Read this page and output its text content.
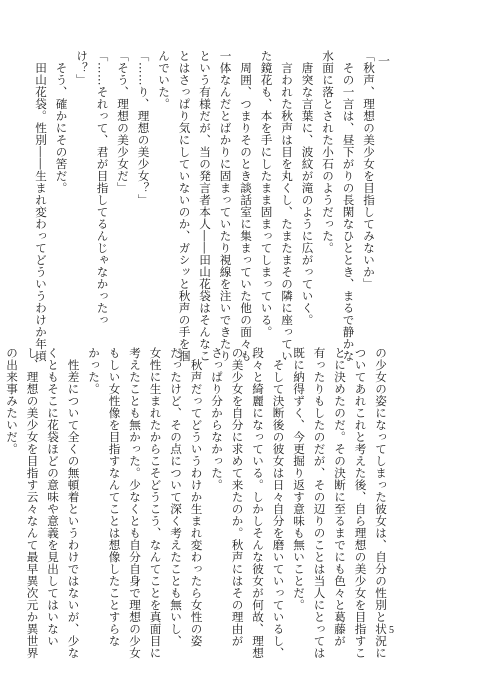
一
「秋声、理想の美少女を目指してみないか」
　その一言は、昼下がりの長閑なひととき、まるで静かな
水面に落とされた小石のようだった。
　唐突な言葉に、波紋が滝のように広がっていく。
　言われた秋声は目を丸くし、たまたまその隣に座ってい
た鏡花も、本を手にしたまま固まってしまっている。
　周囲、つまりそのとき談話室に集まっていた他の面々も
一体なんだとばかりに固まっていたり視線を注いできたり
という有様だが、当の発言者本人――田山花袋はそんなこ
とはさっぱり気にしていないのか、ガシッと秋声の手を掴
んでいた。
「……り、理想の美少女？」
「そう、理想の美少女だ」
「……それって、君が目指してるんじゃなかったっ
け？」
　そう、確かにその筈だ。
　田山花袋。性別――生まれ変わってどういうわけか年頃
の少女の姿になってしまった彼女は、自分の性別と状況に
ついてあれこれと考えた後、自ら理想の美少女を目指すこ
とに決めたのだ。その決断に至るまでにも色々と葛藤が
有ったりもしたのだが、その辺りのことは当人にとっては
既に納得ずく、今更掘り返す意味も無いことだ。
　そして決断後の彼女は日々自分を磨いていっているし、
段々と綺麗になっている。しかしそんな彼女が何故、理想
の美少女を自分に求めて来たのか。秋声にはその理由が
さっぱり分からなかった。
　秋声だってどういうわけか生まれ変わったら女性の姿
だったけど、その点について深く考えたことも無いし、
女性に生まれたからこそどうこう、なんてことを真面目に
考えたことも無かった。少なくとも自分自身で理想の少女
もしい女性像を目指すなんてことは想像したことすらな
かった。
　性差について全くの無頓着というわけではないが、少な
くともそこに花袋ほどの意味や意義を見出してはいない
し、理想の美少女を目指す云々なんて最早異次元か異世界
の出来事みたいだ。
5
